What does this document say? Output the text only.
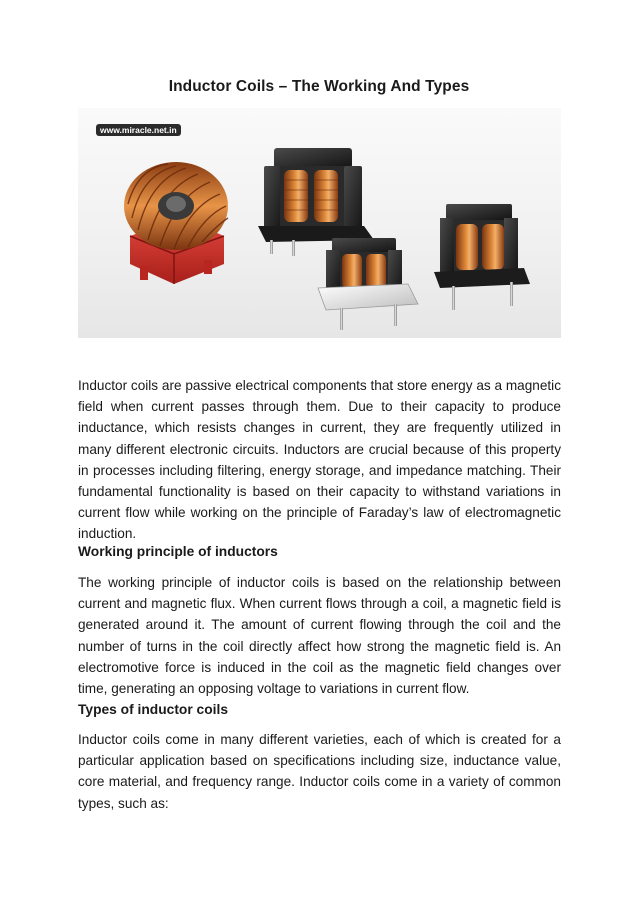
Inductor Coils – The Working And Types
www.miracle.net.in
Inductor coils are passive electrical components that store energy as a magnetic field when current passes through them. Due to their capacity to produce inductance, which resists changes in current, they are frequently utilized in many different electronic circuits. Inductors are crucial because of this property in processes including filtering, energy storage, and impedance matching. Their fundamental functionality is based on their capacity to withstand variations in current flow while working on the principle of Faraday’s law of electromagnetic induction.
Working principle of inductors
The working principle of inductor coils is based on the relationship between current and magnetic flux. When current flows through a coil, a magnetic field is generated around it. The amount of current flowing through the coil and the number of turns in the coil directly affect how strong the magnetic field is. An electromotive force is induced in the coil as the magnetic field changes over time, generating an opposing voltage to variations in current flow.
Types of inductor coils
Inductor coils come in many different varieties, each of which is created for a particular application based on specifications including size, inductance value, core material, and frequency range. Inductor coils come in a variety of common types, such as:
